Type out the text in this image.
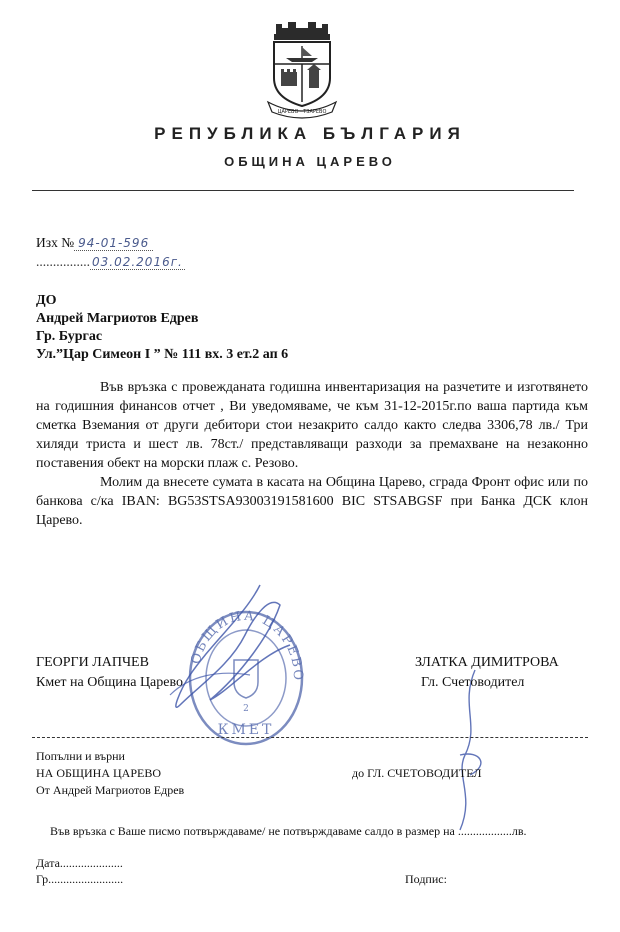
ЦАРЕВО · ТЗАРЕВО
РЕПУБЛИКА БЪЛГАРИЯ
ОБЩИНА ЦАРЕВО
Изх № 94-01-596
................ 03.02.2016г.
ДО
Андрей Магриотов Едрев
Гр. Бургас
Ул.”Цар Симеон I ” № 111 вх. 3 ет.2 ап 6

Във връзка с провежданата годишна инвентаризация на разчетите и изготвянето на годишния финансов отчет , Ви уведомяваме, че към 31-12-2015г.по ваша партида към сметка Вземания от други дебитори стои незакрито салдо както следва 3306,78 лв./ Три хиляди триста и шест лв. 78ст./ представляващи разходи за премахване на незаконно поставения обект на морски плаж с. Резово.

Молим да внесете сумата в касата на Община Царево, сграда Фронт офис или по банкова с/ка IBAN: BG53STSA93003191581600 BIC STSABGSF при Банка ДСК клон Царево.

ОБЩИНА ЦАРЕВО
2
КМЕТ
ГЕОРГИ ЛАПЧЕВ
Кмет на Община Царево
ЗЛАТКА ДИМИТРОВА
Гл. Счетоводител
Попълни и върни
НА ОБЩИНА ЦАРЕВО
От Андрей Магриотов Едрев
до ГЛ. СЧЕТОВОДИТЕЛ
Във връзка с Ваше писмо потвърждаваме/ не потвърждаваме салдо в размер на ..................лв.
Дата.....................
Гр.........................	Подпис:
